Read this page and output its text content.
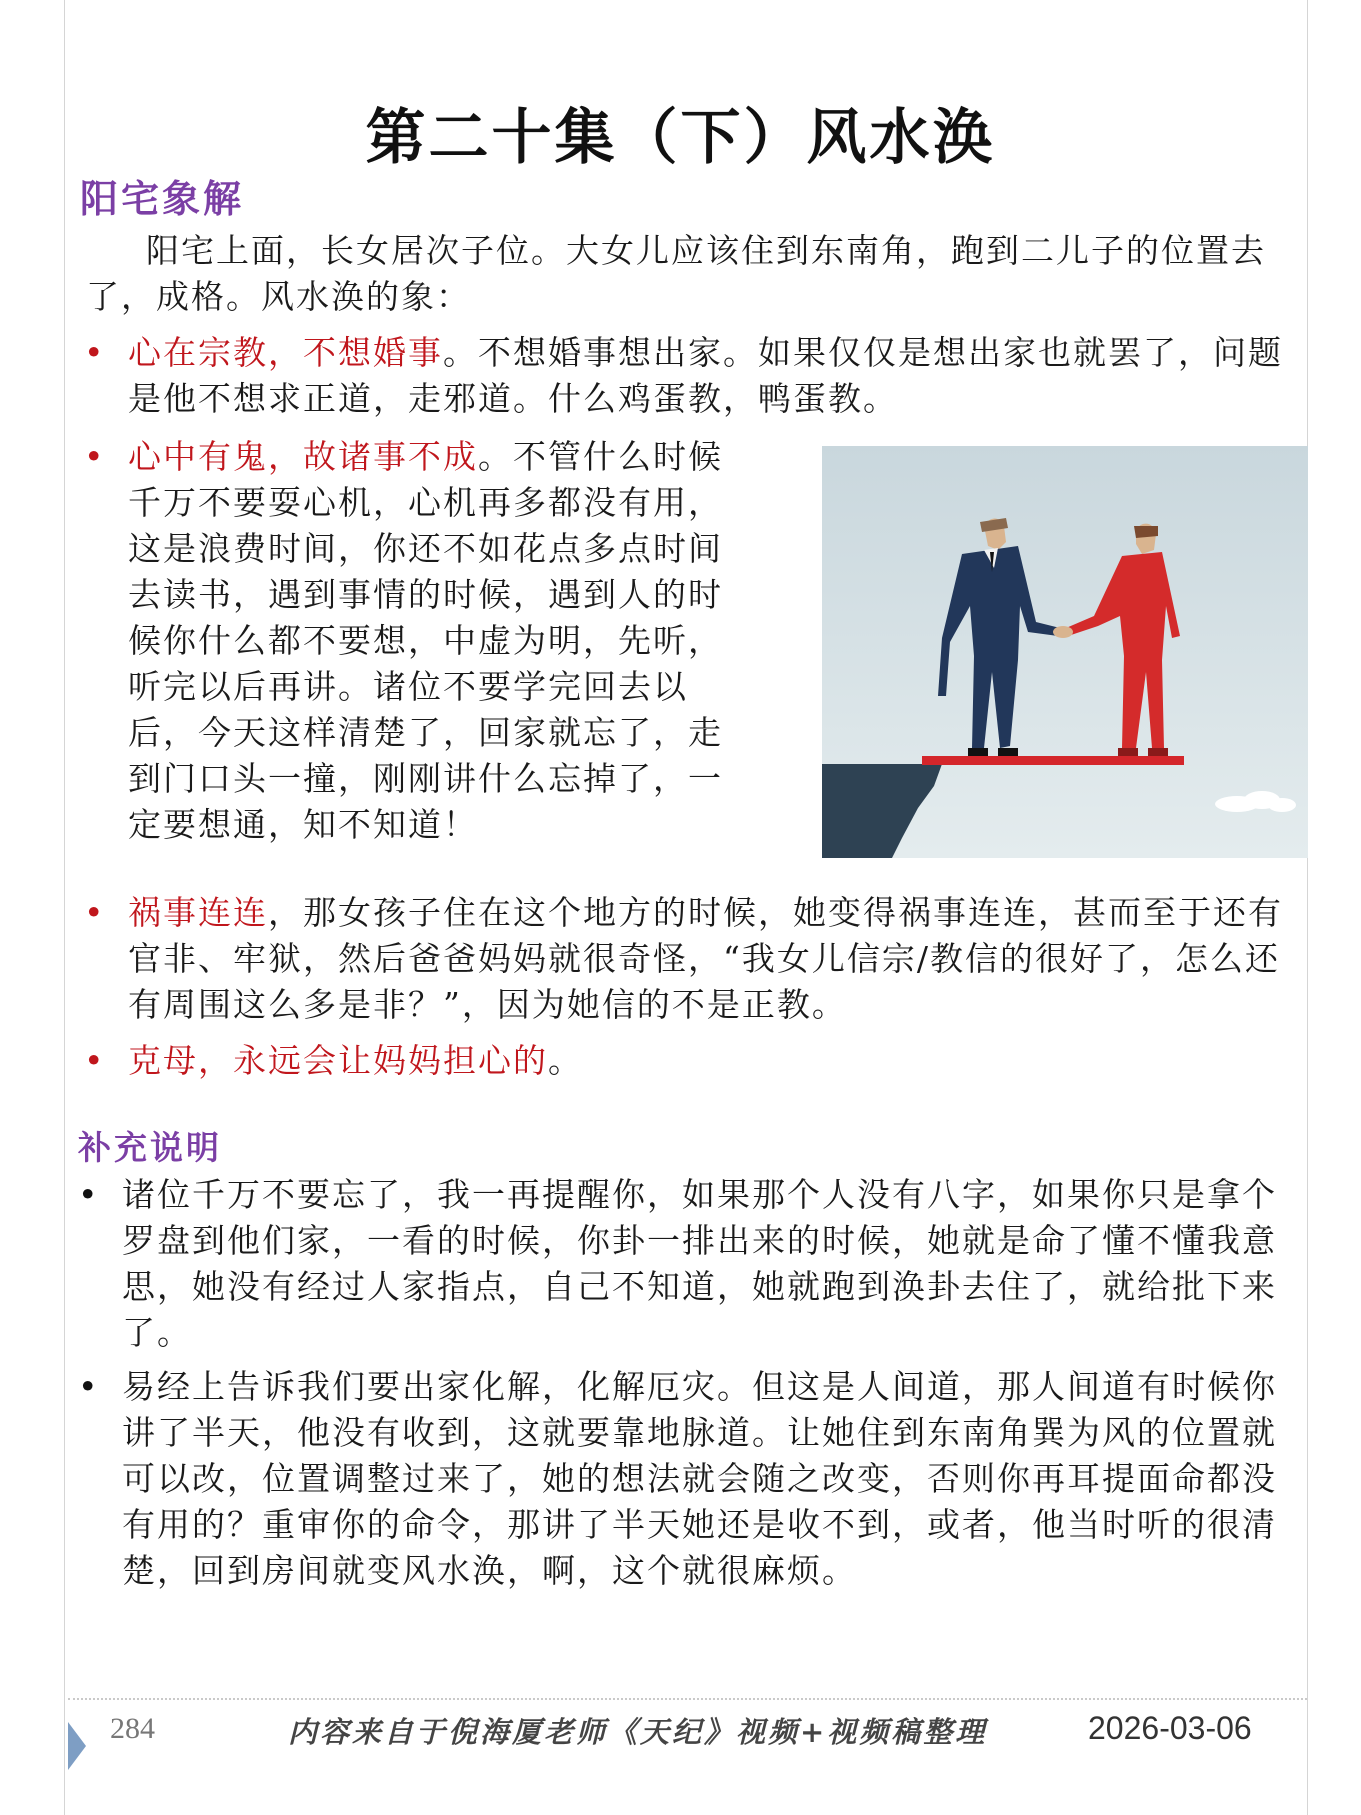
第二十集（下）风水涣
阳宅象解
阳宅上面，长女居次子位。大女儿应该住到东南角，跑到二儿子的位置去了，成格。风水涣的象：
• 心在宗教，不想婚事。不想婚事想出家。如果仅仅是想出家也就罢了，问题是他不想求正道，走邪道。什么鸡蛋教，鸭蛋教。
• 心中有鬼，故诸事不成。不管什么时候千万不要耍心机，心机再多都没有用，这是浪费时间，你还不如花点多点时间去读书，遇到事情的时候，遇到人的时候你什么都不要想，中虚为明，先听，听完以后再讲。诸位不要学完回去以后，今天这样清楚了，回家就忘了，走到门口头一撞，刚刚讲什么忘掉了，一定要想通，知不知道！
• 祸事连连，那女孩子住在这个地方的时候，她变得祸事连连，甚而至于还有官非、牢狱，然后爸爸妈妈就很奇怪，“我女儿信宗/教信的很好了，怎么还有周围这么多是非？”，因为她信的不是正教。
• 克母，永远会让妈妈担心的。
补充说明
• 诸位千万不要忘了，我一再提醒你，如果那个人没有八字，如果你只是拿个罗盘到他们家，一看的时候，你卦一排出来的时候，她就是命了懂不懂我意思，她没有经过人家指点，自己不知道，她就跑到涣卦去住了，就给批下来了。
• 易经上告诉我们要出家化解，化解厄灾。但这是人间道，那人间道有时候你讲了半天，他没有收到，这就要靠地脉道。让她住到东南角巽为风的位置就可以改，位置调整过来了，她的想法就会随之改变，否则你再耳提面命都没有用的？重审你的命令，那讲了半天她还是收不到，或者，他当时听的很清楚，回到房间就变风水涣，啊，这个就很麻烦。
284	内容来自于倪海厦老师《天纪》视频+视频稿整理	2026-03-06
